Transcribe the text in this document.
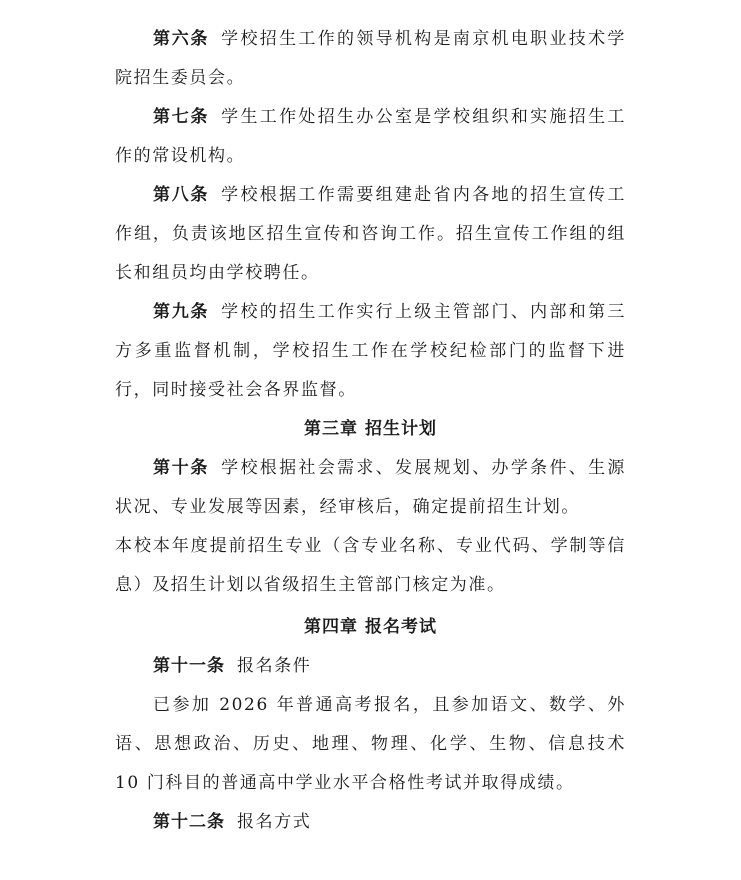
第六条 学校招生工作的领导机构是南京机电职业技术学院招生委员会。

第七条 学生工作处招生办公室是学校组织和实施招生工作的常设机构。

第八条 学校根据工作需要组建赴省内各地的招生宣传工作组，负责该地区招生宣传和咨询工作。招生宣传工作组的组长和组员均由学校聘任。

第九条 学校的招生工作实行上级主管部门、内部和第三方多重监督机制，学校招生工作在学校纪检部门的监督下进行，同时接受社会各界监督。

第三章 招生计划

第十条 学校根据社会需求、发展规划、办学条件、生源状况、专业发展等因素，经审核后，确定提前招生计划。

本校本年度提前招生专业（含专业名称、专业代码、学制等信息）及招生计划以省级招生主管部门核定为准。

第四章 报名考试

第十一条 报名条件

已参加 2026 年普通高考报名，且参加语文、数学、外语、思想政治、历史、地理、物理、化学、生物、信息技术 10 门科目的普通高中学业水平合格性考试并取得成绩。

第十二条 报名方式
